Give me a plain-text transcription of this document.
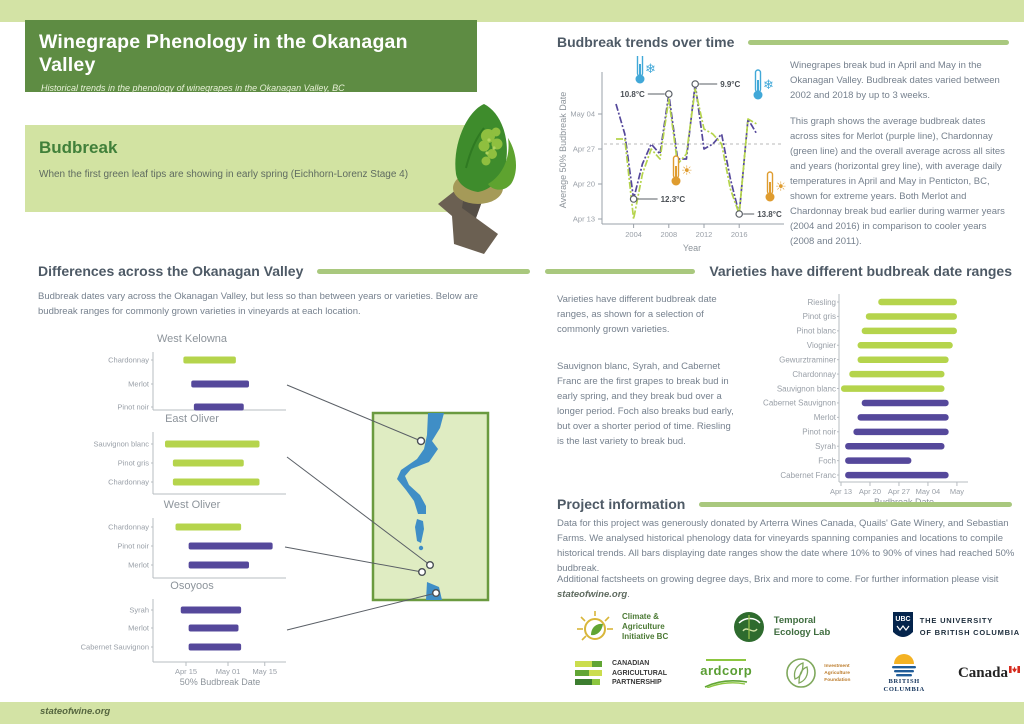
Winegrape Phenology in the Okanagan Valley

Historical trends in the phenology of winegrapes in the Okanagan Valley, BC

Budbreak

When the first green leaf tips are showing in early spring (Eichhorn-Lorenz Stage 4)

Budbreak trends over time
Average 50% Budbreak Date
Apr 13
Apr 20
Apr 27
May 04
2004 2008 2012 2016
Year
12.3°C
☀
10.8°C
❄
9.9°C ❄
13.8°C
☀

Winegrapes break bud in April and May in the Okanagan Valley. Budbreak dates varied between 2002 and 2018 by up to 3 weeks.

This graph shows the average budbreak dates across sites for Merlot (purple line), Chardonnay (green line) and the overall average across all sites and years (horizontal grey line), with average daily temperatures in April and May in Penticton, BC, shown for extreme years. Both Merlot and Chardonnay break bud earlier during warmer years (2004 and 2016) in comparison to cooler years (2008 and 2011).

Differences across the Okanagan Valley

Budbreak dates vary across the Okanagan Valley, but less so than between years or varieties. Below are budbreak ranges for commonly grown varieties in vineyards at each location.

West Kelowna
Chardonnay
Merlot
Pinot noir
East Oliver
Sauvignon blanc
Pinot gris
Chardonnay
West Oliver
Chardonnay
Pinot noir
Merlot
Osoyoos
Syrah
Merlot
Cabernet Sauvignon
Apr 15 May 01 May 15
50% Budbreak Date
Varieties have different budbreak date ranges

Varieties have different budbreak date ranges, as shown for a selection of commonly grown varieties.

Sauvignon blanc, Syrah, and Cabernet Franc are the first grapes to break bud in early spring, and they break bud over a longer period. Foch also breaks bud early, but over a shorter period of time. Riesling is the last variety to break bud.

Riesling
Pinot gris
Pinot blanc
Viognier
Gewurztraminer
Chardonnay
Sauvignon blanc
Cabernet Sauvignon
Merlot
Pinot noir
Syrah
Foch
Cabernet Franc
Apr 13 Apr 20 Apr 27 May 04 May
Project information

Data for this project was generously donated by Arterra Wines Canada, Quails' Gate Winery, and Sebastian Farms. We analysed historical phenology data for vineyards spanning companies and locations to compile historical trends. All bars displaying date ranges show the date where 10% to 90% of vines had reached 50% budbreak.

Additional factsheets on growing degree days, Brix and more to come. For further information please visit stateofwine.org.

Climate &
Agriculture
Initiative BC
Temporal
Ecology Lab
UBC THE UNIVERSITY
OF BRITISH COLUMBIA
CANADIAN
AGRICULTURAL
PARTNERSHIP
ardcorp	Investment
Agriculture
Foundation	BRITISH
COLUMBIA
Canada
stateofwine.org
